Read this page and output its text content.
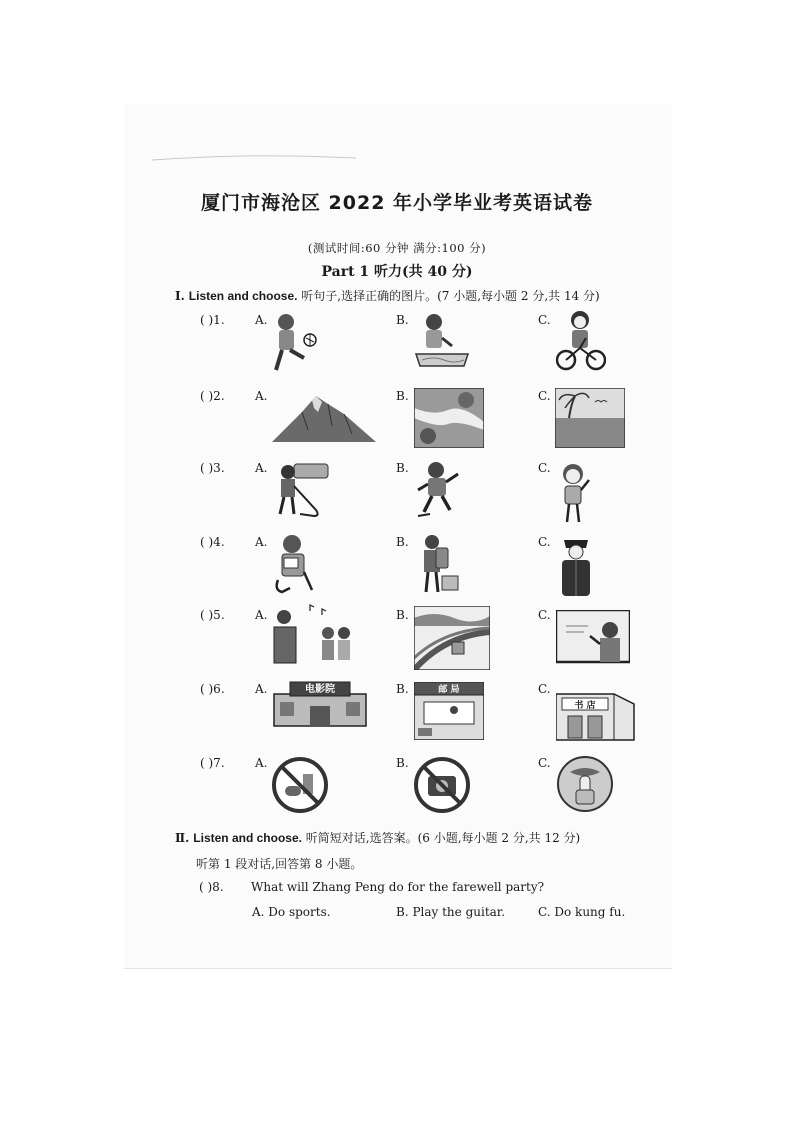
厦门市海沧区 2022 年小学毕业考英语试卷
(测试时间:60 分钟 满分:100 分)
Part 1 听力(共 40 分)
Ⅰ. Listen and choose. 听句子,选择正确的图片。(7 小题,每小题 2 分,共 14 分)
( )1.	A.	B.	C.
( )2.	A.	B.	C.
( )3.	A.	B.	C.
( )4.	A.	B.	C.
( )5.	A.	B.	C.
( )6.	A.	B.	C.
电影院	邮 局
书 店
( )7.	A.	B.	C.
Ⅱ. Listen and choose. 听简短对话,选答案。(6 小题,每小题 2 分,共 12 分)
听第 1 段对话,回答第 8 小题。
( )8. What will Zhang Peng do for the farewell party?
A. Do sports.	B. Play the guitar.	C. Do kung fu.
